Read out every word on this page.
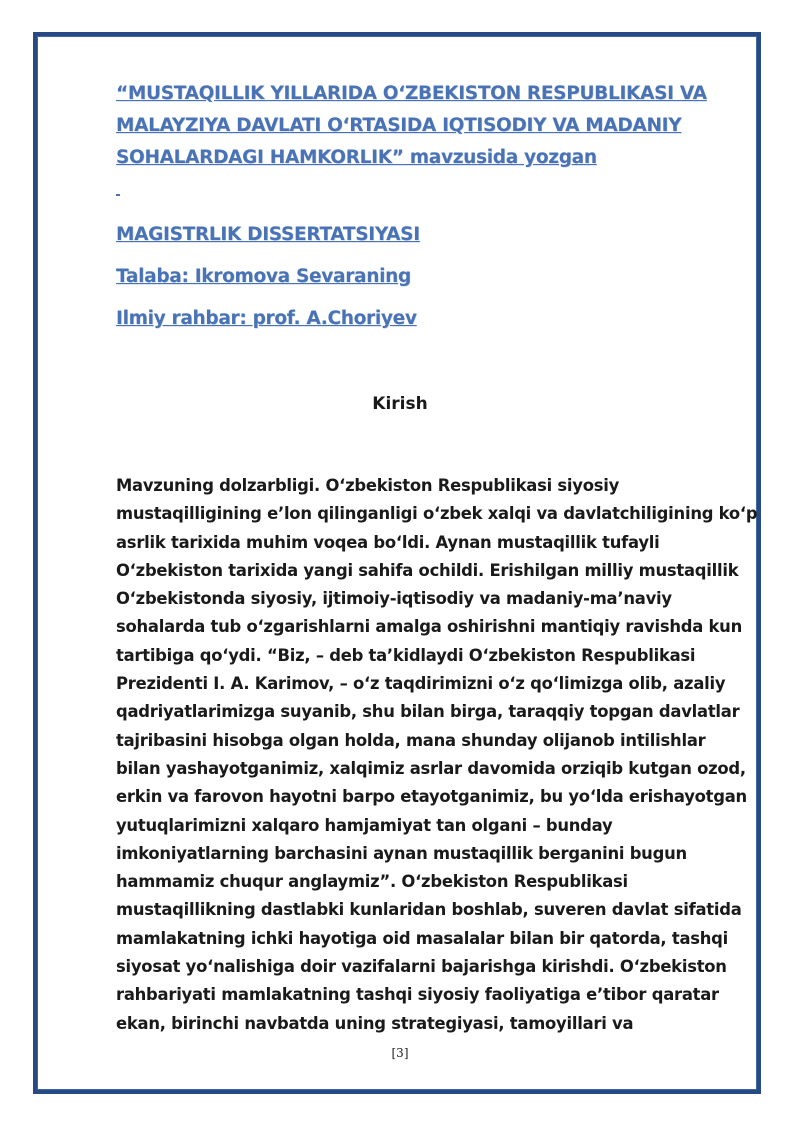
“MUSTAQILLIK YILLARIDA O‘ZBEKISTON RESPUBLIKASI VA
MALAYZIYA DAVLATI O‘RTASIDA IQTISODIY VA MADANIY
SOHALARDAGI HAMKORLIK” mavzusida yozgan
MAGISTRLIK DISSERTATSIYASI
Talaba: Ikromova Sevaraning
Ilmiy rahbar: prof. A.Choriyev
Kirish
Mavzuning dolzarbligi. O‘zbekiston Respublikasi siyosiy
mustaqilligining e’lon qilinganligi o‘zbek xalqi va davlatchiligining ko‘p
asrlik tarixida muhim voqea bo‘ldi. Aynan mustaqillik tufayli
O‘zbekiston tarixida yangi sahifa ochildi. Erishilgan milliy mustaqillik
O‘zbekistonda siyosiy, ijtimoiy-iqtisodiy va madaniy-ma’naviy
sohalarda tub o‘zgarishlarni amalga oshirishni mantiqiy ravishda kun
tartibiga qo‘ydi. “Biz, – deb ta’kidlaydi O‘zbekiston Respublikasi
Prezidenti I. A. Karimov, – o‘z taqdirimizni o‘z qo‘limizga olib, azaliy
qadriyatlarimizga suyanib, shu bilan birga, taraqqiy topgan davlatlar
tajribasini hisobga olgan holda, mana shunday olijanob intilishlar
bilan yashayotganimiz, xalqimiz asrlar davomida orziqib kutgan ozod,
erkin va farovon hayotni barpo etayotganimiz, bu yo‘lda erishayotgan
yutuqlarimizni xalqaro hamjamiyat tan olgani – bunday
imkoniyatlarning barchasini aynan mustaqillik berganini bugun
hammamiz chuqur anglaymiz”. O‘zbekiston Respublikasi
mustaqillikning dastlabki kunlaridan boshlab, suveren davlat sifatida
mamlakatning ichki hayotiga oid masalalar bilan bir qatorda, tashqi
siyosat yo‘nalishiga doir vazifalarni bajarishga kirishdi. O‘zbekiston
rahbariyati mamlakatning tashqi siyosiy faoliyatiga e’tibor qaratar
ekan, birinchi navbatda uning strategiyasi, tamoyillari va
[3]
